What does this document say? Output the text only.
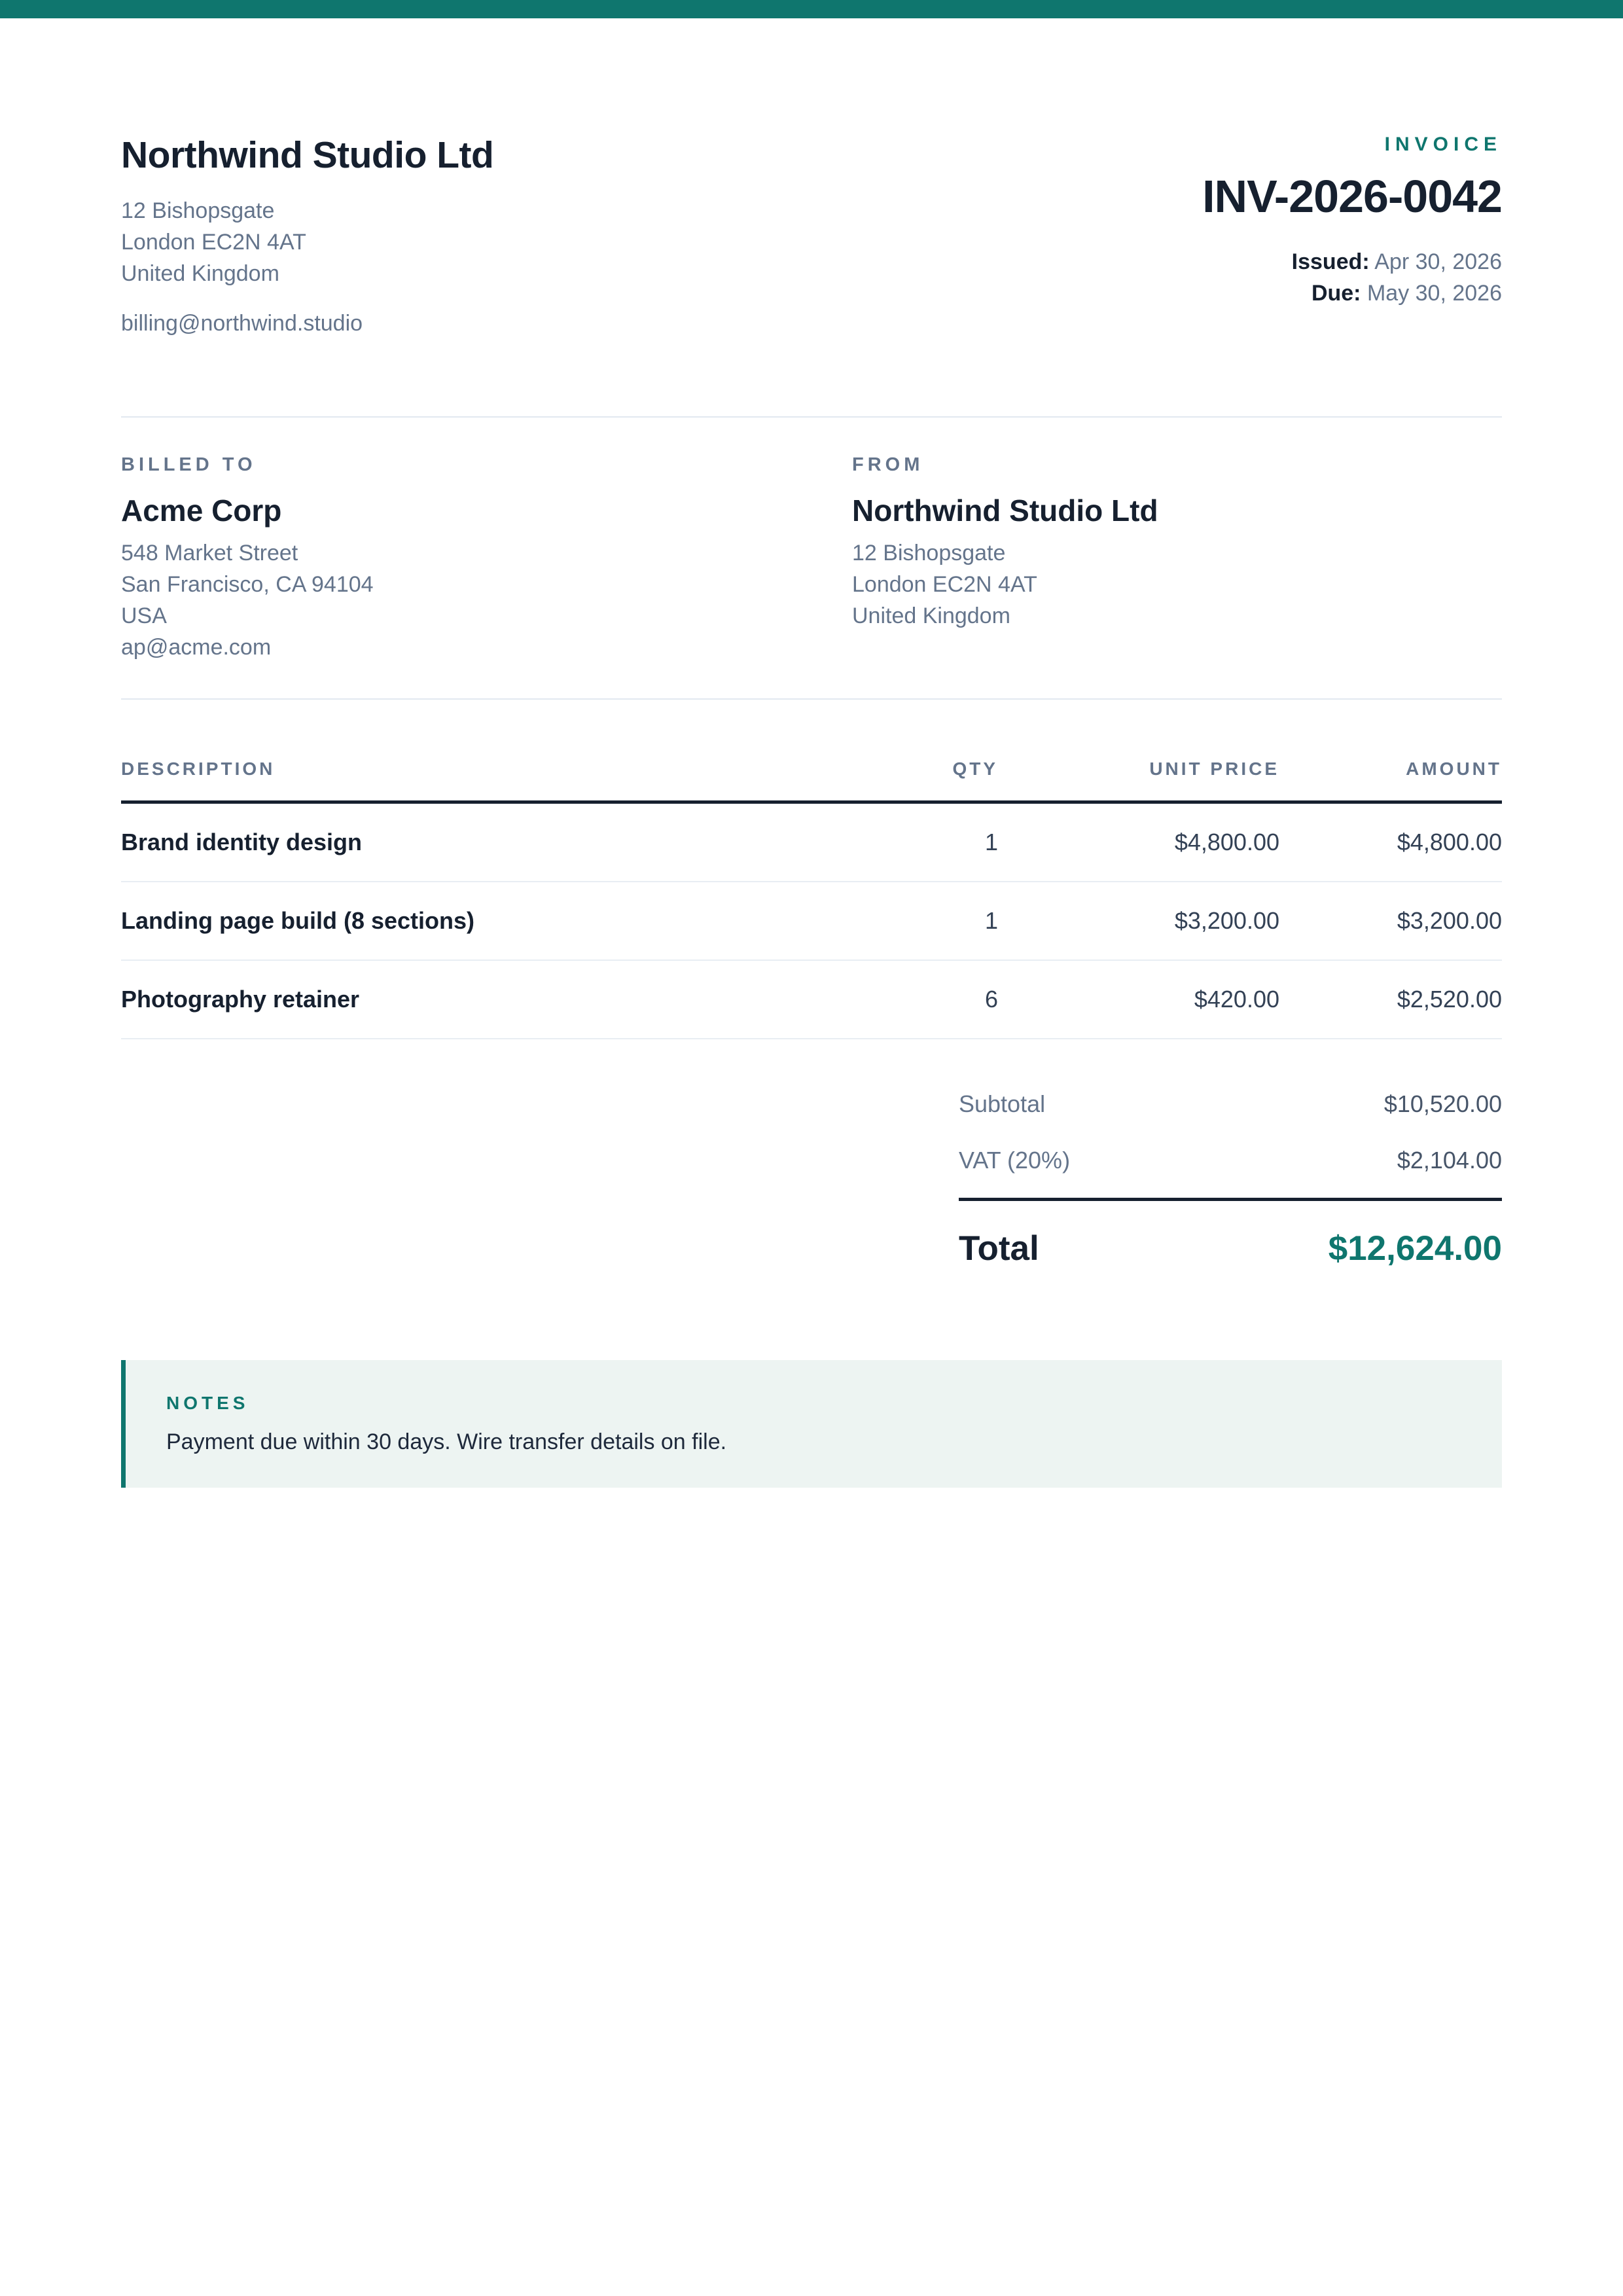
Northwind Studio Ltd
12 Bishopsgate
London EC2N 4AT
United Kingdom
billing@northwind.studio
INVOICE
INV-2026-0042
Issued: Apr 30, 2026
Due: May 30, 2026
BILLED TO
Acme Corp
548 Market Street
San Francisco, CA 94104
USA
ap@acme.com
FROM
Northwind Studio Ltd
12 Bishopsgate
London EC2N 4AT
United Kingdom
DESCRIPTION	QTY	UNIT PRICE	AMOUNT
Brand identity design	1	$4,800.00	$4,800.00
Landing page build (8 sections)	1	$3,200.00	$3,200.00
Photography retainer	6	$420.00	$2,520.00
Subtotal	$10,520.00
VAT (20%)	$2,104.00
Total	$12,624.00
NOTES
Payment due within 30 days. Wire transfer details on file.
